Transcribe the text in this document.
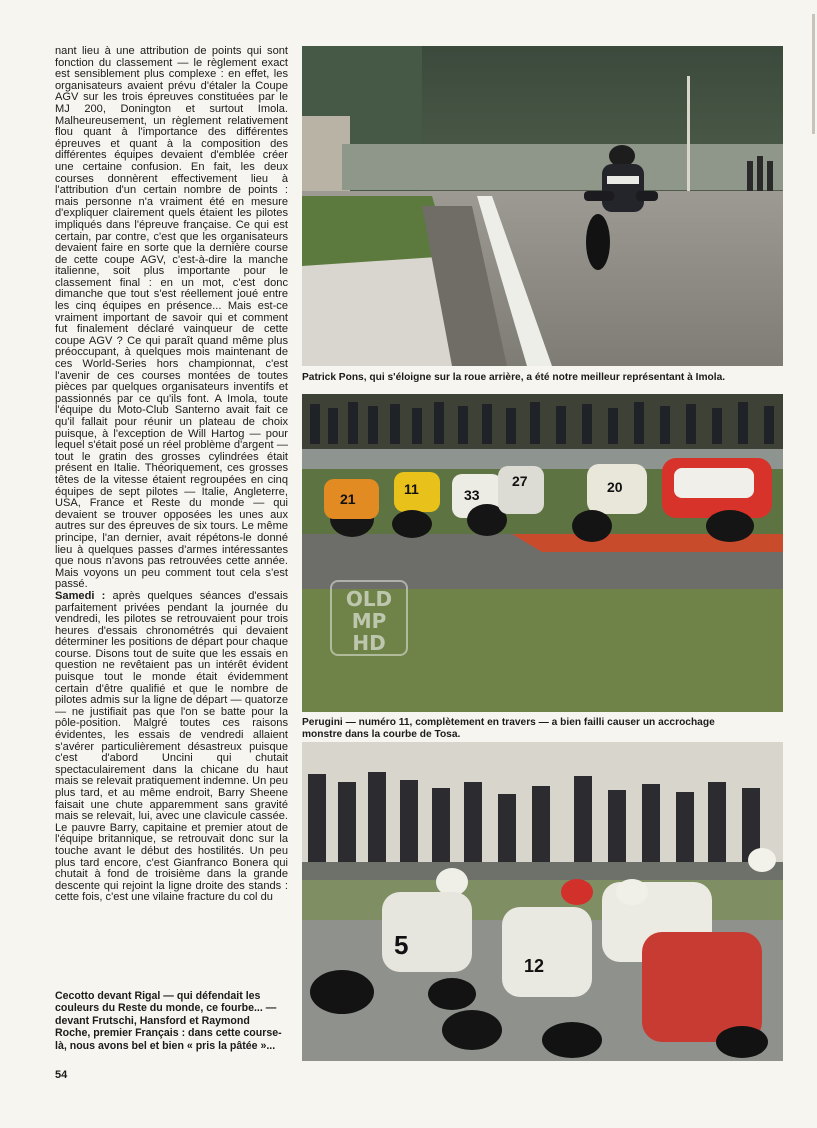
nant lieu à une attribution de points qui sont fonction du classement — le règlement exact est sensiblement plus complexe : en effet, les organisateurs avaient prévu d'étaler la Coupe AGV sur les trois épreuves constituées par le MJ 200, Donington et surtout Imola. Malheureusement, un règlement relativement flou quant à l'importance des différentes épreuves et quant à la composition des différentes équipes devaient d'emblée créer une certaine confusion. En fait, les deux courses donnèrent effectivement lieu à l'attribution d'un certain nombre de points : mais personne n'a vraiment été en mesure d'expliquer clairement quels étaient les pilotes impliqués dans l'épreuve française. Ce qui est certain, par contre, c'est que les organisateurs devaient faire en sorte que la dernière course de cette coupe AGV, c'est-à-dire la manche italienne, soit plus importante pour le classement final : en un mot, c'est donc dimanche que tout s'est réellement joué entre les cinq équipes en présence... Mais est-ce vraiment important de savoir qui et comment fut finalement déclaré vainqueur de cette coupe AGV ? Ce qui paraît quand même plus préoccupant, à quelques mois maintenant de ces World-Series hors championnat, c'est l'avenir de ces courses montées de toutes pièces par quelques organisateurs inventifs et passionnés par ce qu'ils font. A Imola, toute l'équipe du Moto-Club Santerno avait fait ce qu'il fallait pour réunir un plateau de choix puisque, à l'exception de Will Hartog — pour lequel s'était posé un réel problème d'argent — tout le gratin des grosses cylindrées était présent en Italie. Théoriquement, ces grosses têtes de la vitesse étaient regroupées en cinq équipes de sept pilotes — Italie, Angleterre, USA, France et Reste du monde — qui devaient se trouver opposées les unes aux autres sur des épreuves de six tours. Le même principe, l'an dernier, avait répétons-le donné lieu à quelques passes d'armes intéressantes que nous n'avons pas retrouvées cette année. Mais voyons un peu comment tout cela s'est passé.

Samedi : après quelques séances d'essais parfaitement privées pendant la journée du vendredi, les pilotes se retrouvaient pour trois heures d'essais chronométrés qui devaient déterminer les positions de départ pour chaque course. Disons tout de suite que les essais en question ne revêtaient pas un intérêt évident puisque tout le monde était évidemment certain d'être qualifié et que le nombre de pilotes admis sur la ligne de départ — quatorze — ne justifiait pas que l'on se batte pour la pôle-position. Malgré toutes ces raisons évidentes, les essais de vendredi allaient s'avérer particulièrement désastreux puisque c'est d'abord Uncini qui chutait spectaculairement dans la chicane du haut mais se relevait pratiquement indemne. Un peu plus tard, et au même endroit, Barry Sheene faisait une chute apparemment sans gravité mais se relevait, lui, avec une clavicule cassée. Le pauvre Barry, capitaine et premier atout de l'équipe britannique, se retrouvait donc sur la touche avant le début des hostilités. Un peu plus tard encore, c'est Gianfranco Bonera qui chutait à fond de troisième dans la grande descente qui rejoint la ligne droite des stands : cette fois, c'est une vilaine fracture du col du

Cecotto devant Rigal — qui défendait les couleurs du Reste du monde, ce fourbe... — devant Frutschi, Hansford et Raymond Roche, premier Français : dans cette course-là, nous avons bel et bien « pris la pâtée »...
54
Patrick Pons, qui s'éloigne sur la roue arrière, a été notre meilleur représentant à Imola.
21
11	33
27	20
OLD
MP
HD
Perugini — numéro 11, complètement en travers — a bien failli causer un accrochage monstre dans la courbe de Tosa.
5
12
